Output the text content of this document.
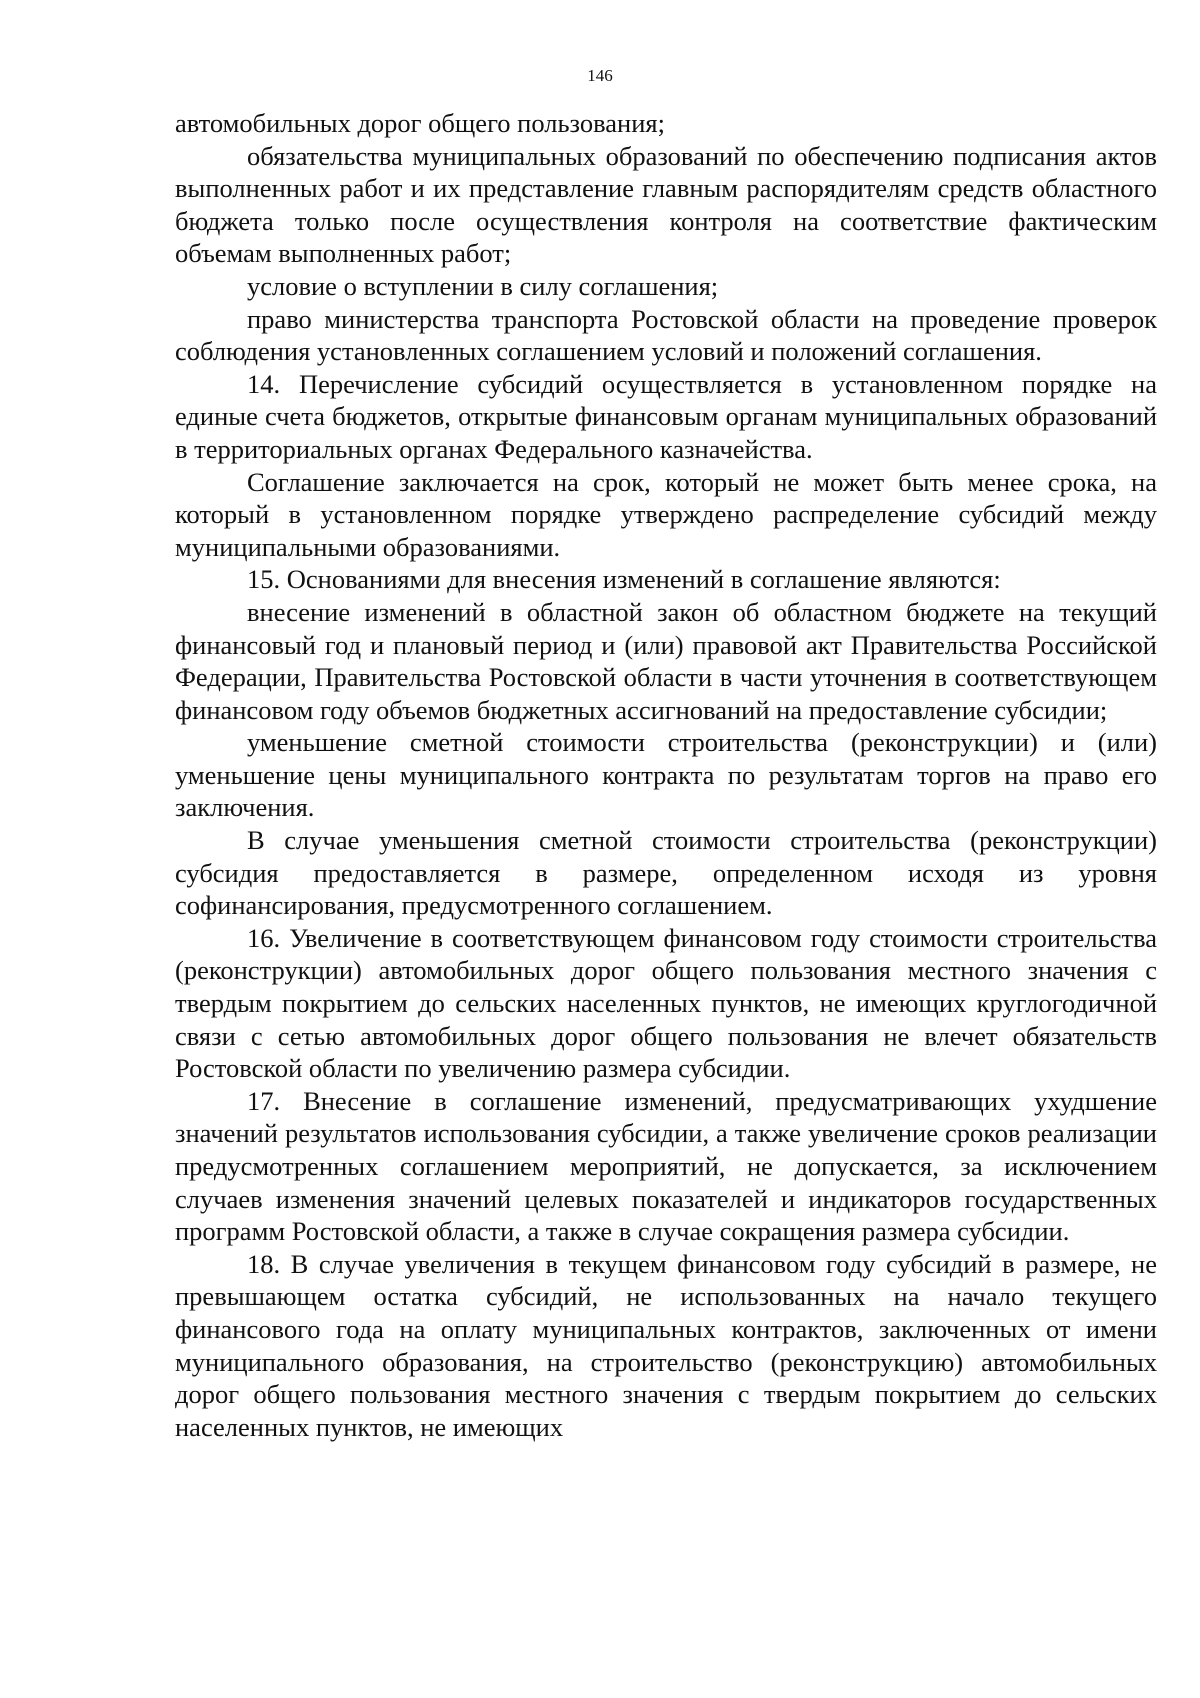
146

автомобильных дорог общего пользования;

обязательства муниципальных образований по обеспечению подписания актов выполненных работ и их представление главным распорядителям средств областного бюджета только после осуществления контроля на соответствие фактическим объемам выполненных работ;

условие о вступлении в силу соглашения;

право министерства транспорта Ростовской области на проведение проверок соблюдения установленных соглашением условий и положений соглашения.

14. Перечисление субсидий осуществляется в установленном порядке на единые счета бюджетов, открытые финансовым органам муниципальных образований в территориальных органах Федерального казначейства.

Соглашение заключается на срок, который не может быть менее срока, на который в установленном порядке утверждено распределение субсидий между муниципальными образованиями.

15. Основаниями для внесения изменений в соглашение являются:

внесение изменений в областной закон об областном бюджете на текущий финансовый год и плановый период и (или) правовой акт Правительства Российской Федерации, Правительства Ростовской области в части уточнения в соответствующем финансовом году объемов бюджетных ассигнований на предоставление субсидии;

уменьшение сметной стоимости строительства (реконструкции) и (или) уменьшение цены муниципального контракта по результатам торгов на право его заключения.

В случае уменьшения сметной стоимости строительства (реконструкции) субсидия предоставляется в размере, определенном исходя из уровня софинансирования, предусмотренного соглашением.

16. Увеличение в соответствующем финансовом году стоимости строительства (реконструкции) автомобильных дорог общего пользования местного значения с твердым покрытием до сельских населенных пунктов, не имеющих круглогодичной связи с сетью автомобильных дорог общего пользования не влечет обязательств Ростовской области по увеличению размера субсидии.

17. Внесение в соглашение изменений, предусматривающих ухудшение значений результатов использования субсидии, а также увеличение сроков реализации предусмотренных соглашением мероприятий, не допускается, за исключением случаев изменения значений целевых показателей и индикаторов государственных программ Ростовской области, а также в случае сокращения размера субсидии.

18. В случае увеличения в текущем финансовом году субсидий в размере, не превышающем остатка субсидий, не использованных на начало текущего финансового года на оплату муниципальных контрактов, заключенных от имени муниципального образования, на строительство (реконструкцию) автомобильных дорог общего пользования местного значения с твердым покрытием до сельских населенных пунктов, не имеющих
